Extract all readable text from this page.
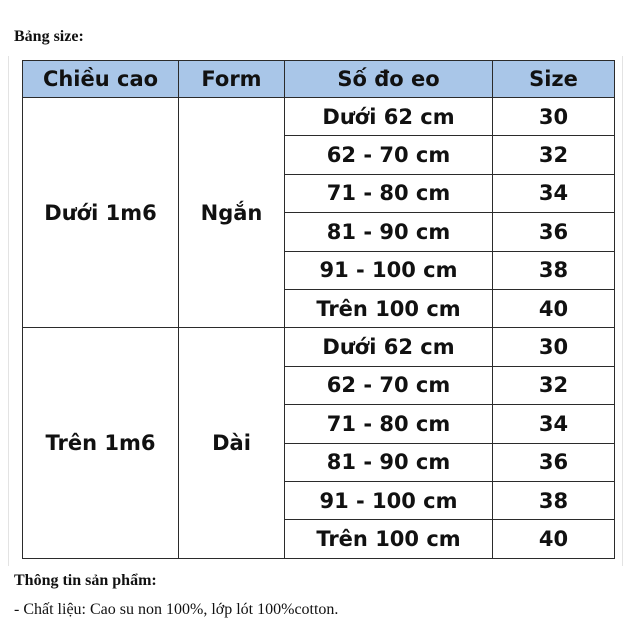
Bảng size:
Chiều cao	Form	Số đo eo	Size
Dưới 1m6	Ngắn	Dưới 62 cm	30
		62 - 70 cm	32
		71 - 80 cm	34
		81 - 90 cm	36
		91 - 100 cm	38
		Trên 100 cm	40
Trên 1m6	Dài	Dưới 62 cm	30
		62 - 70 cm	32
		71 - 80 cm	34
		81 - 90 cm	36
		91 - 100 cm	38
		Trên 100 cm	40
Thông tin sản phẩm:
- Chất liệu: Cao su non 100%, lớp lót 100%cotton.
